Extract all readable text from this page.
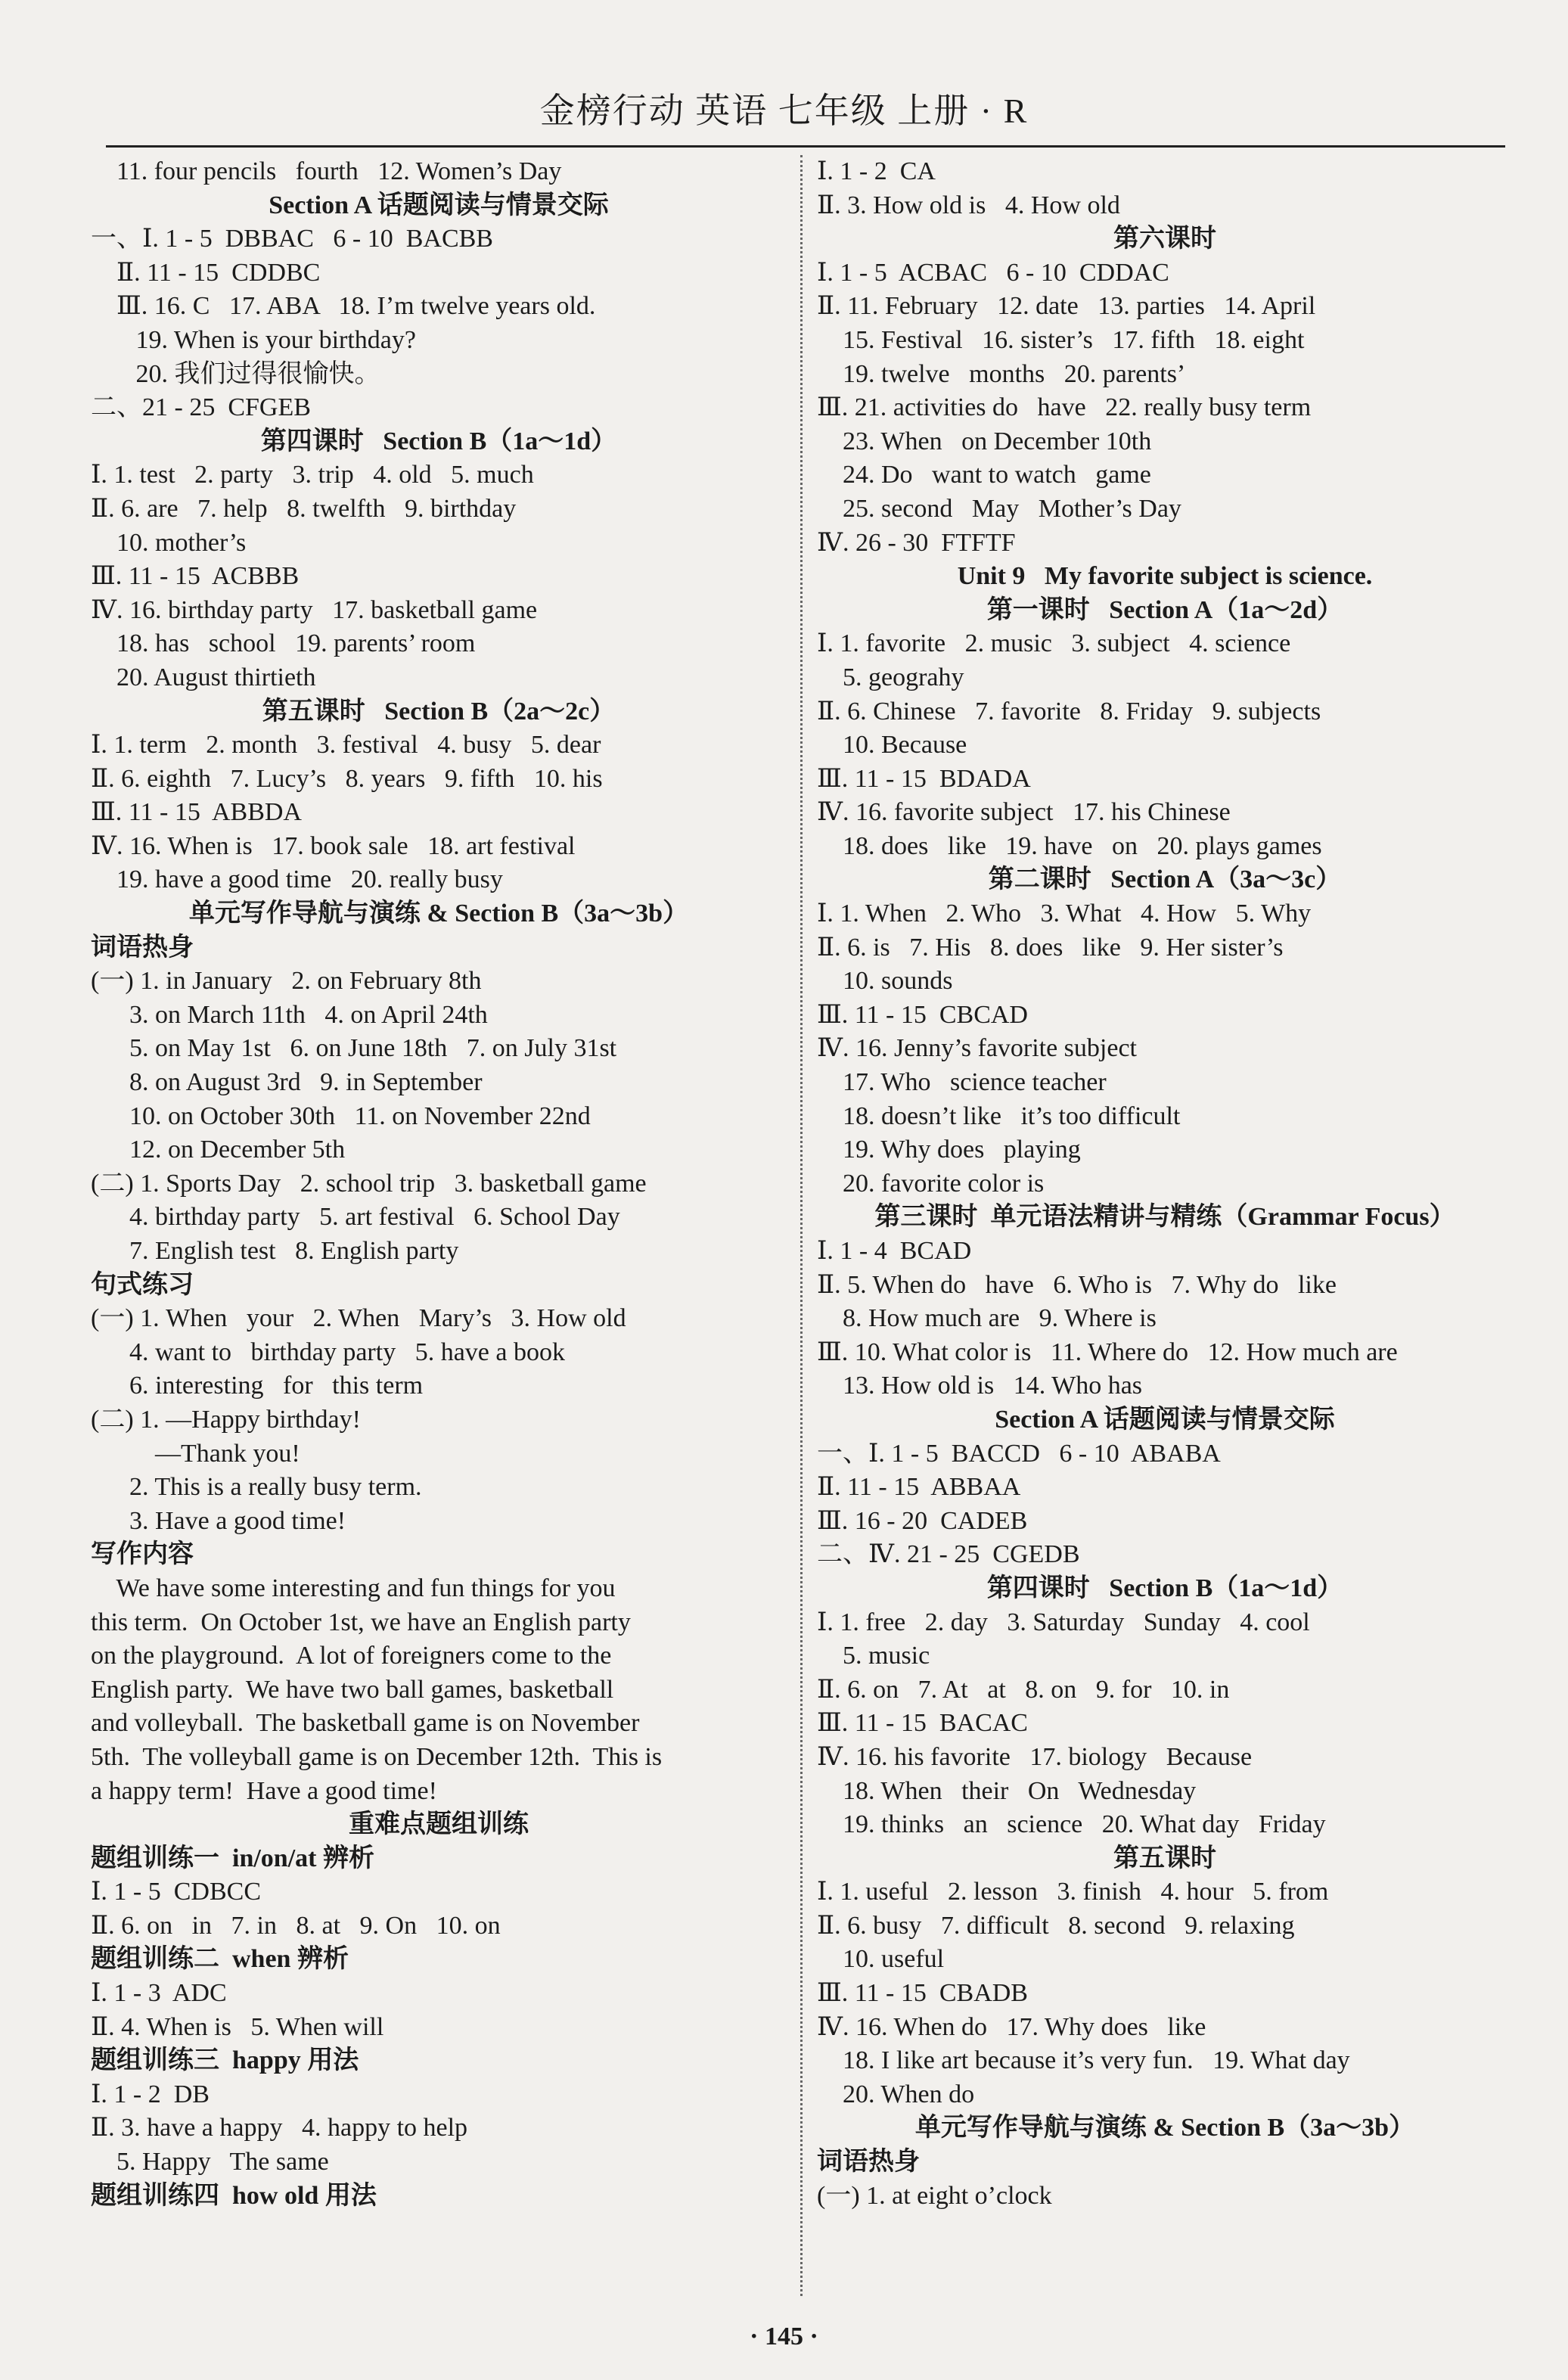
金榜行动 英语 七年级 上册 · R
11. four pencils   fourth   12. Women’s Day
Section A 话题阅读与情景交际
一、Ⅰ. 1 - 5  DBBAC   6 - 10  BACBB
Ⅱ. 11 - 15  CDDBC
Ⅲ. 16. C   17. ABA   18. I’m twelve years old.
19. When is your birthday?
20. 我们过得很愉快。
二、21 - 25  CFGEB
第四课时   Section B（1a～1d）
Ⅰ. 1. test   2. party   3. trip   4. old   5. much
Ⅱ. 6. are   7. help   8. twelfth   9. birthday
10. mother’s
Ⅲ. 11 - 15  ACBBB
Ⅳ. 16. birthday party   17. basketball game
18. has   school   19. parents’ room
20. August thirtieth
第五课时   Section B（2a～2c）
Ⅰ. 1. term   2. month   3. festival   4. busy   5. dear
Ⅱ. 6. eighth   7. Lucy’s   8. years   9. fifth   10. his
Ⅲ. 11 - 15  ABBDA
Ⅳ. 16. When is   17. book sale   18. art festival
19. have a good time   20. really busy
单元写作导航与演练 & Section B（3a～3b）
词语热身
(一) 1. in January   2. on February 8th
3. on March 11th   4. on April 24th
5. on May 1st   6. on June 18th   7. on July 31st
8. on August 3rd   9. in September
10. on October 30th   11. on November 22nd
12. on December 5th
(二) 1. Sports Day   2. school trip   3. basketball game
4. birthday party   5. art festival   6. School Day
7. English test   8. English party
句式练习
(一) 1. When   your   2. When   Mary’s   3. How old
4. want to   birthday party   5. have a book
6. interesting   for   this term
(二) 1. —Happy birthday!
—Thank you!
2. This is a really busy term.
3. Have a good time!
写作内容
We have some interesting and fun things for you
this term.  On October 1st, we have an English party
on the playground.  A lot of foreigners come to the
English party.  We have two ball games, basketball
and volleyball.  The basketball game is on November
5th.  The volleyball game is on December 12th.  This is
a happy term!  Have a good time!
重难点题组训练
题组训练一  in/on/at 辨析
Ⅰ. 1 - 5  CDBCC
Ⅱ. 6. on   in   7. in   8. at   9. On   10. on
题组训练二  when 辨析
Ⅰ. 1 - 3  ADC
Ⅱ. 4. When is   5. When will
题组训练三  happy 用法
Ⅰ. 1 - 2  DB
Ⅱ. 3. have a happy   4. happy to help
5. Happy   The same
题组训练四  how old 用法
Ⅰ. 1 - 2  CA
Ⅱ. 3. How old is   4. How old
第六课时
Ⅰ. 1 - 5  ACBAC   6 - 10  CDDAC
Ⅱ. 11. February   12. date   13. parties   14. April
15. Festival   16. sister’s   17. fifth   18. eight
19. twelve   months   20. parents’
Ⅲ. 21. activities do   have   22. really busy term
23. When   on December 10th
24. Do   want to watch   game
25. second   May   Mother’s Day
Ⅳ. 26 - 30  FTFTF
Unit 9   My favorite subject is science.
第一课时   Section A（1a～2d）
Ⅰ. 1. favorite   2. music   3. subject   4. science
5. geograhy
Ⅱ. 6. Chinese   7. favorite   8. Friday   9. subjects
10. Because
Ⅲ. 11 - 15  BDADA
Ⅳ. 16. favorite subject   17. his Chinese
18. does   like   19. have   on   20. plays games
第二课时   Section A（3a～3c）
Ⅰ. 1. When   2. Who   3. What   4. How   5. Why
Ⅱ. 6. is   7. His   8. does   like   9. Her sister’s
10. sounds
Ⅲ. 11 - 15  CBCAD
Ⅳ. 16. Jenny’s favorite subject
17. Who   science teacher
18. doesn’t like   it’s too difficult
19. Why does   playing
20. favorite color is
第三课时  单元语法精讲与精练（Grammar Focus）
Ⅰ. 1 - 4  BCAD
Ⅱ. 5. When do   have   6. Who is   7. Why do   like
8. How much are   9. Where is
Ⅲ. 10. What color is   11. Where do   12. How much are
13. How old is   14. Who has
Section A 话题阅读与情景交际
一、Ⅰ. 1 - 5  BACCD   6 - 10  ABABA
Ⅱ. 11 - 15  ABBAA
Ⅲ. 16 - 20  CADEB
二、Ⅳ. 21 - 25  CGEDB
第四课时   Section B（1a～1d）
Ⅰ. 1. free   2. day   3. Saturday   Sunday   4. cool
5. music
Ⅱ. 6. on   7. At   at   8. on   9. for   10. in
Ⅲ. 11 - 15  BACAC
Ⅳ. 16. his favorite   17. biology   Because
18. When   their   On   Wednesday
19. thinks   an   science   20. What day   Friday
第五课时
Ⅰ. 1. useful   2. lesson   3. finish   4. hour   5. from
Ⅱ. 6. busy   7. difficult   8. second   9. relaxing
10. useful
Ⅲ. 11 - 15  CBADB
Ⅳ. 16. When do   17. Why does   like
18. I like art because it’s very fun.   19. What day
20. When do
单元写作导航与演练 & Section B（3a～3b）
词语热身
(一) 1. at eight o’clock
· 145 ·
